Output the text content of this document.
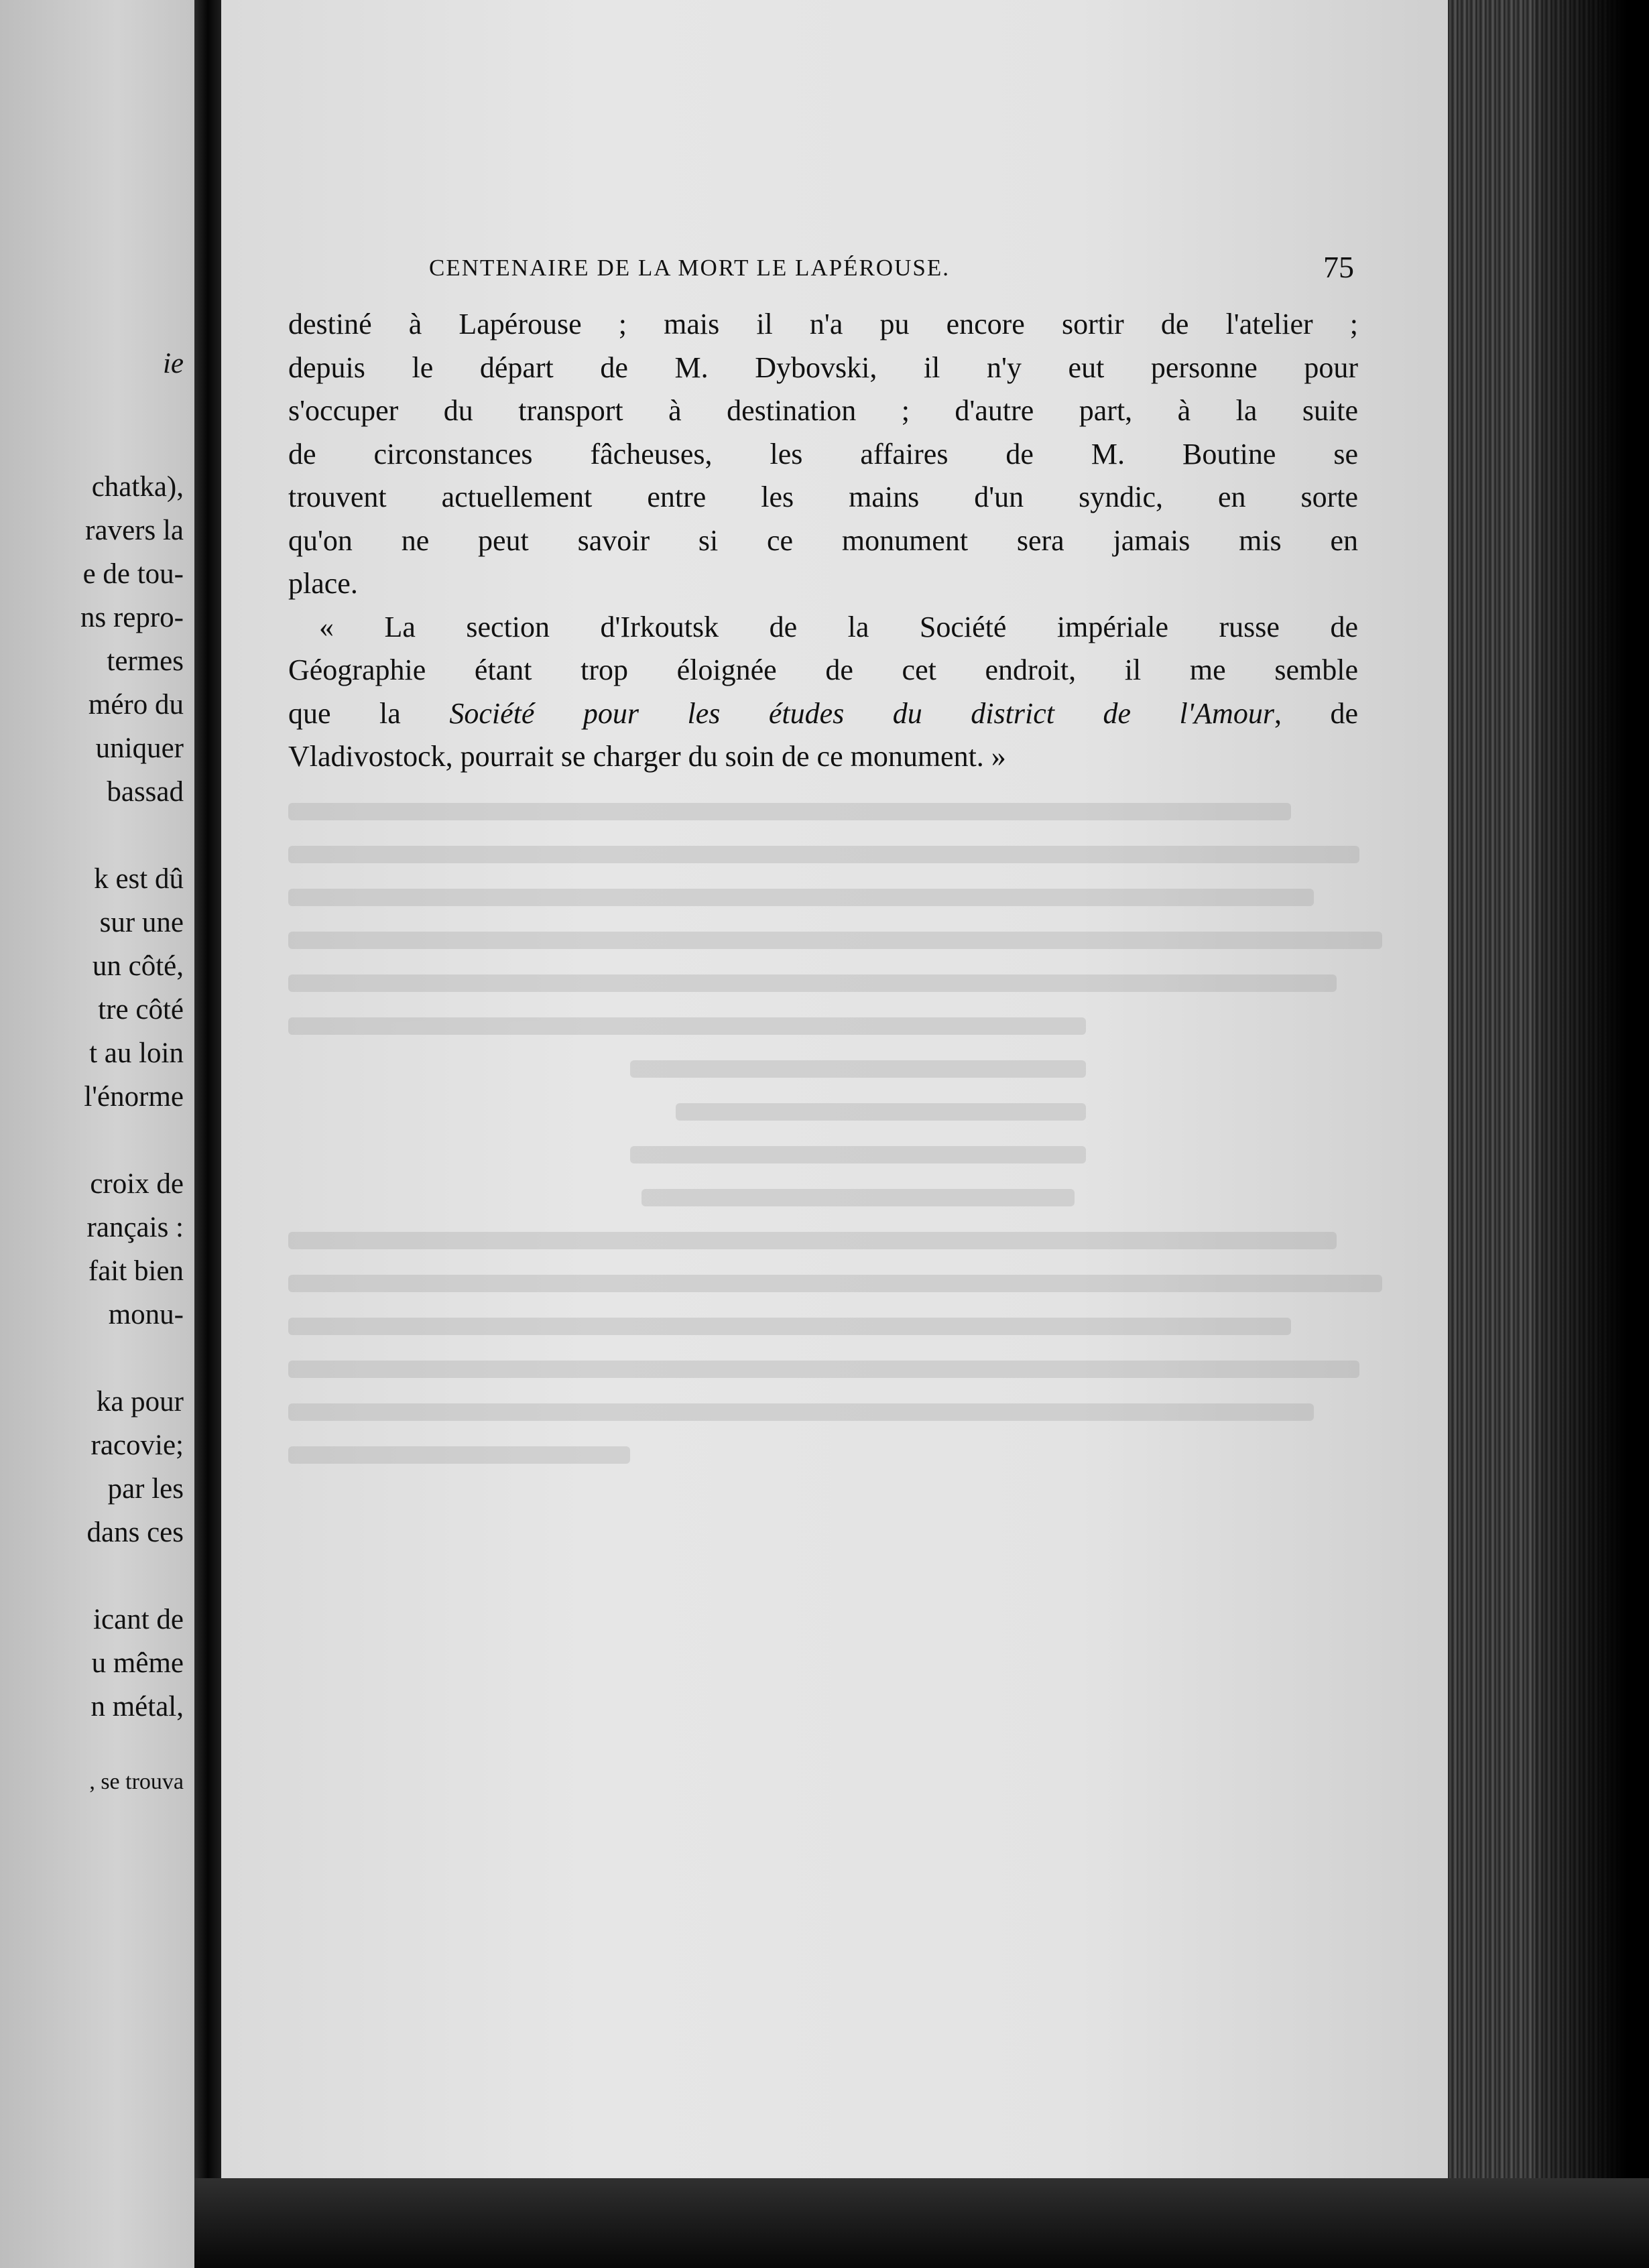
ie
chatka),
ravers la
e de tou-
ns repro-
termes
méro du
uniquer
bassad
k est dû
sur une
un côté,
tre côté
t au loin
l'énorme
croix de
rançais :
fait bien
monu-
ka pour
racovie;
par les
dans ces
icant de
u même
n métal,
, se trouva
CENTENAIRE DE LA MORT LE LAPÉROUSE.	75
destiné à Lapérouse ; mais il n'a pu encore sortir de l'atelier ;
depuis le départ de M. Dybovski, il n'y eut personne pour
s'occuper du transport à destination ; d'autre part, à la suite
de circonstances fâcheuses, les affaires de M. Boutine se
trouvent actuellement entre les mains d'un syndic, en sorte
qu'on ne peut savoir si ce monument sera jamais mis en
place.
« La section d'Irkoutsk de la Société impériale russe de
Géographie étant trop éloignée de cet endroit, il me semble
que la Société pour les études du district de l'Amour, de
Vladivostock, pourrait se charger du soin de ce monument. »
